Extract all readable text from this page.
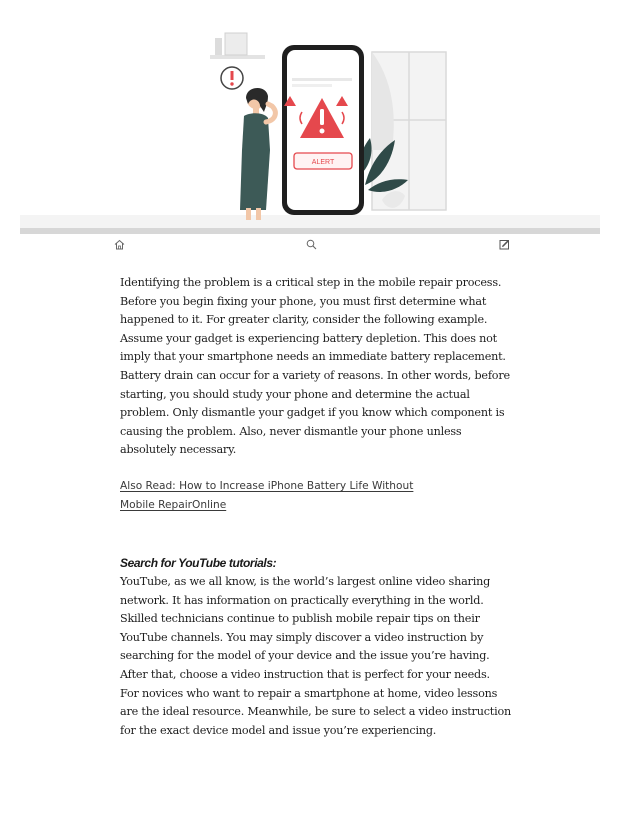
ALERT

Identifying the problem is a critical step in the mobile repair process.
Before you begin fixing your phone, you must first determine what
happened to it. For greater clarity, consider the following example.
Assume your gadget is experiencing battery depletion. This does not
imply that your smartphone needs an immediate battery replacement.
Battery drain can occur for a variety of reasons. In other words, before
starting, you should study your phone and determine the actual
problem. Only dismantle your gadget if you know which component is
causing the problem. Also, never dismantle your phone unless
absolutely necessary.

Also Read: How to Increase iPhone Battery Life Without
Mobile RepairOnline
Search for YouTube tutorials:

YouTube, as we all know, is the world’s largest online video sharing
network. It has information on practically everything in the world.
Skilled technicians continue to publish mobile repair tips on their
YouTube channels. You may simply discover a video instruction by
searching for the model of your device and the issue you’re having.
After that, choose a video instruction that is perfect for your needs.
For novices who want to repair a smartphone at home, video lessons
are the ideal resource. Meanwhile, be sure to select a video instruction
for the exact device model and issue you’re experiencing.
